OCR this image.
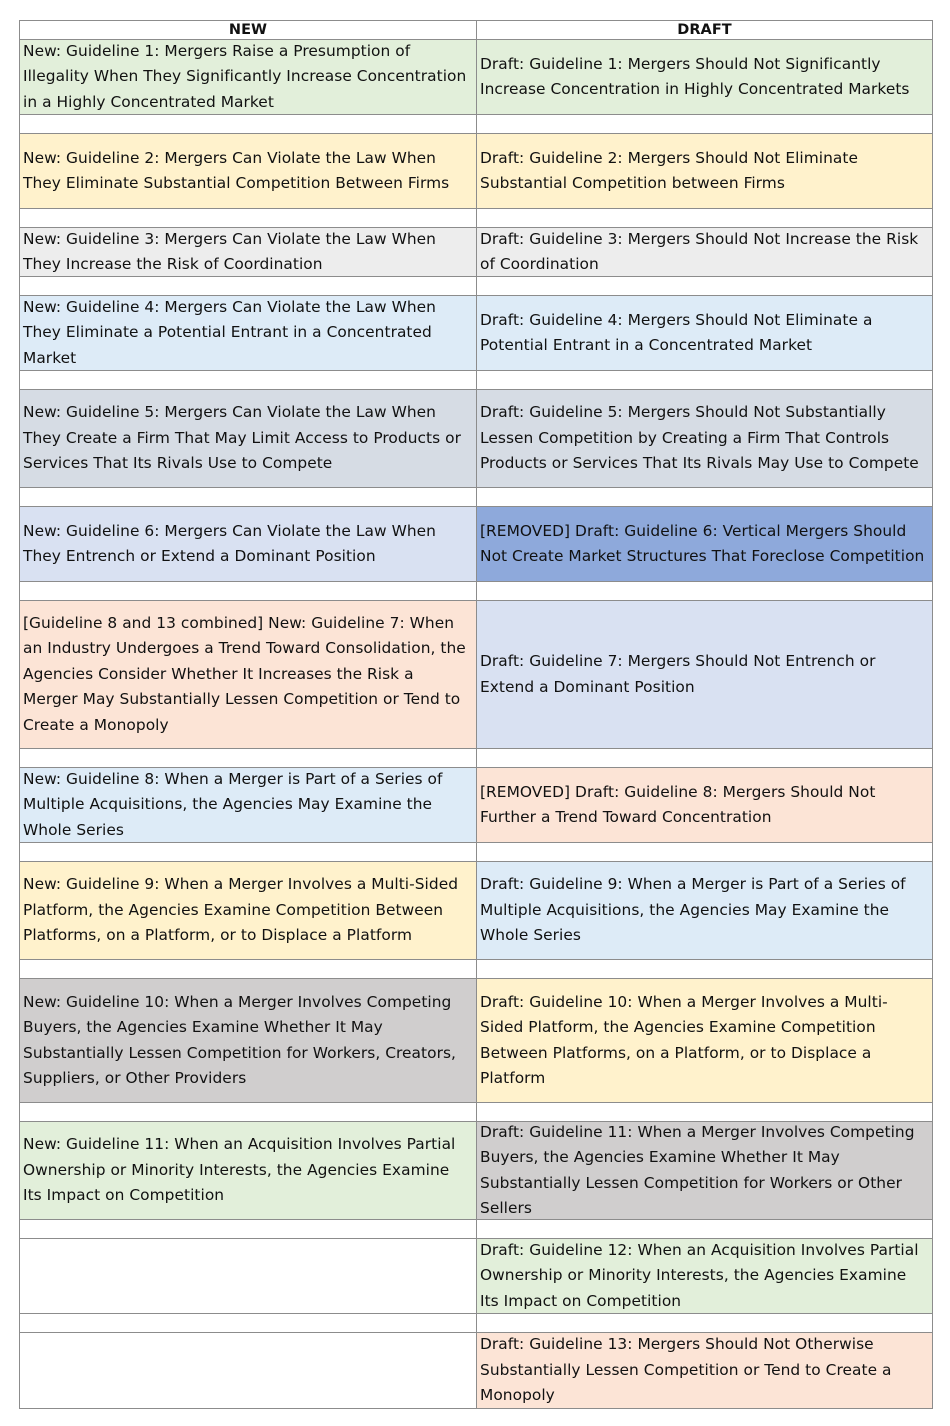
NEW	DRAFT
New: Guideline 1: Mergers Raise a Presumption of Illegality When They Significantly Increase Concentration in a Highly Concentrated Market
Draft: Guideline 1: Mergers Should Not Significantly Increase Concentration in Highly Concentrated Markets
New: Guideline 2: Mergers Can Violate the Law When They Eliminate Substantial Competition Between Firms
Draft: Guideline 2: Mergers Should Not Eliminate Substantial Competition between Firms
New: Guideline 3: Mergers Can Violate the Law When They Increase the Risk of Coordination
Draft: Guideline 3: Mergers Should Not Increase the Risk of Coordination
New: Guideline 4: Mergers Can Violate the Law When They Eliminate a Potential Entrant in a Concentrated Market
Draft: Guideline 4: Mergers Should Not Eliminate a Potential Entrant in a Concentrated Market
New: Guideline 5: Mergers Can Violate the Law When They Create a Firm That May Limit Access to Products or Services That Its Rivals Use to Compete
Draft: Guideline 5: Mergers Should Not Substantially Lessen Competition by Creating a Firm That Controls Products or Services That Its Rivals May Use to Compete
New: Guideline 6: Mergers Can Violate the Law When They Entrench or Extend a Dominant Position
[REMOVED] Draft: Guideline 6: Vertical Mergers Should Not Create Market Structures That Foreclose Competition
[Guideline 8 and 13 combined] New: Guideline 7: When an Industry Undergoes a Trend Toward Consolidation, the Agencies Consider Whether It Increases the Risk a Merger May Substantially Lessen Competition or Tend to Create a Monopoly
Draft: Guideline 7: Mergers Should Not Entrench or Extend a Dominant Position
New: Guideline 8: When a Merger is Part of a Series of Multiple Acquisitions, the Agencies May Examine the Whole Series
[REMOVED] Draft: Guideline 8: Mergers Should Not Further a Trend Toward Concentration
New: Guideline 9: When a Merger Involves a Multi-Sided Platform, the Agencies Examine Competition Between Platforms, on a Platform, or to Displace a Platform
Draft: Guideline 9: When a Merger is Part of a Series of Multiple Acquisitions, the Agencies May Examine the Whole Series
New: Guideline 10: When a Merger Involves Competing Buyers, the Agencies Examine Whether It May Substantially Lessen Competition for Workers, Creators, Suppliers, or Other Providers
Draft: Guideline 10: When a Merger Involves a Multi-Sided Platform, the Agencies Examine Competition Between Platforms, on a Platform, or to Displace a Platform
New: Guideline 11: When an Acquisition Involves Partial Ownership or Minority Interests, the Agencies Examine Its Impact on Competition
Draft: Guideline 11: When a Merger Involves Competing Buyers, the Agencies Examine Whether It May Substantially Lessen Competition for Workers or Other Sellers
Draft: Guideline 12: When an Acquisition Involves Partial Ownership or Minority Interests, the Agencies Examine Its Impact on Competition
Draft: Guideline 13: Mergers Should Not Otherwise Substantially Lessen Competition or Tend to Create a Monopoly
